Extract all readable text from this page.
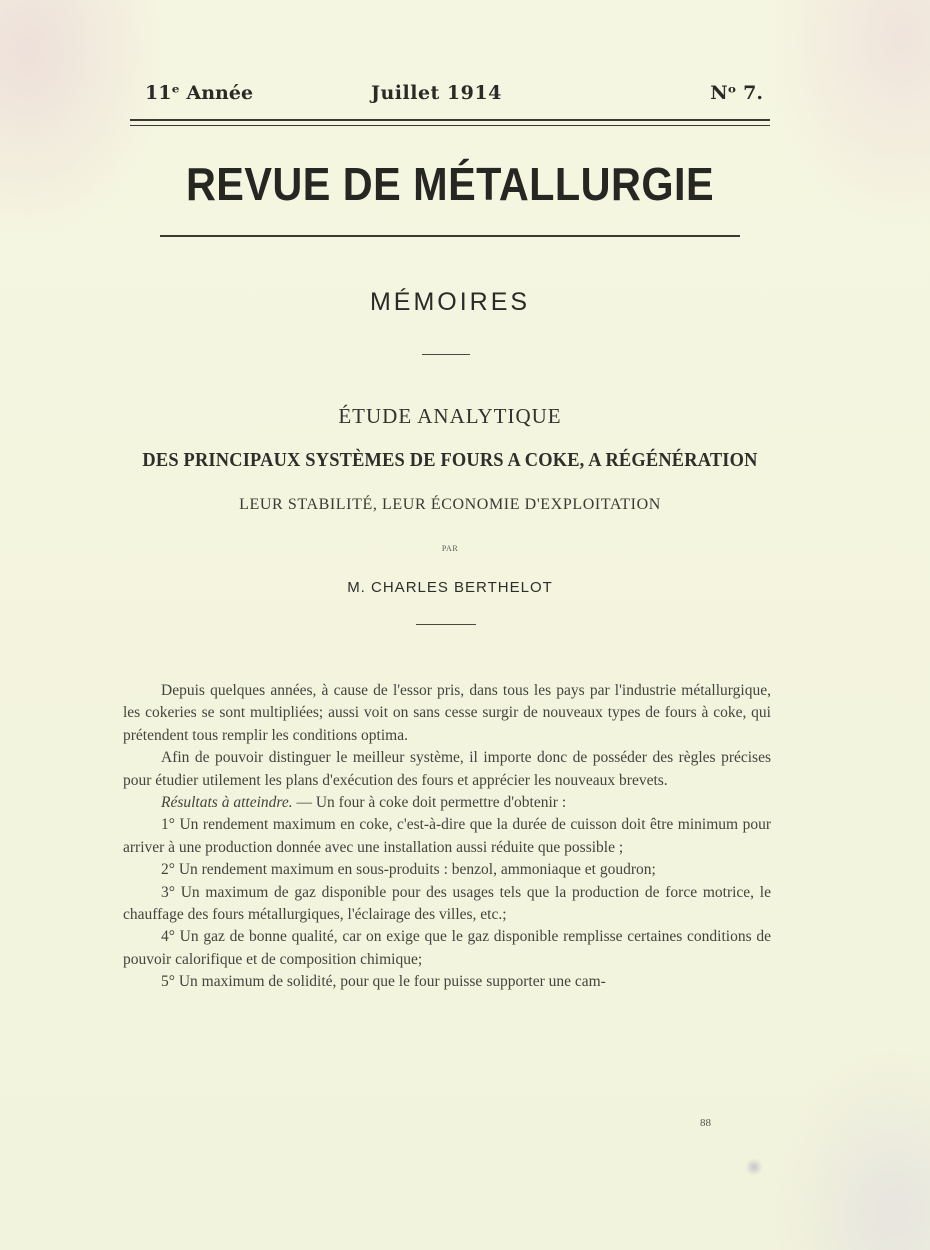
11ᵉ Année	Juillet 1914	Nᵒ 7.
REVUE DE MÉTALLURGIE
MÉMOIRES
ÉTUDE ANALYTIQUE
DES PRINCIPAUX SYSTÈMES DE FOURS A COKE, A RÉGÉNÉRATION
LEUR STABILITÉ, LEUR ÉCONOMIE D'EXPLOITATION
PAR
M. CHARLES BERTHELOT

Depuis quelques années, à cause de l'essor pris, dans tous les pays par l'industrie métallurgique, les cokeries se sont multipliées; aussi voit on sans cesse surgir de nouveaux types de fours à coke, qui prétendent tous remplir les conditions optima.

Afin de pouvoir distinguer le meilleur système, il importe donc de posséder des règles précises pour étudier utilement les plans d'exécution des fours et apprécier les nouveaux brevets.

Résultats à atteindre. — Un four à coke doit permettre d'obtenir :

1° Un rendement maximum en coke, c'est-à-dire que la durée de cuisson doit être minimum pour arriver à une production donnée avec une installation aussi réduite que possible ;

2° Un rendement maximum en sous-produits : benzol, ammoniaque et goudron;

3° Un maximum de gaz disponible pour des usages tels que la production de force motrice, le chauffage des fours métallurgiques, l'éclairage des villes, etc.;

4° Un gaz de bonne qualité, car on exige que le gaz disponible remplisse certaines conditions de pouvoir calorifique et de composition chimique;

5° Un maximum de solidité, pour que le four puisse supporter une cam-

88
